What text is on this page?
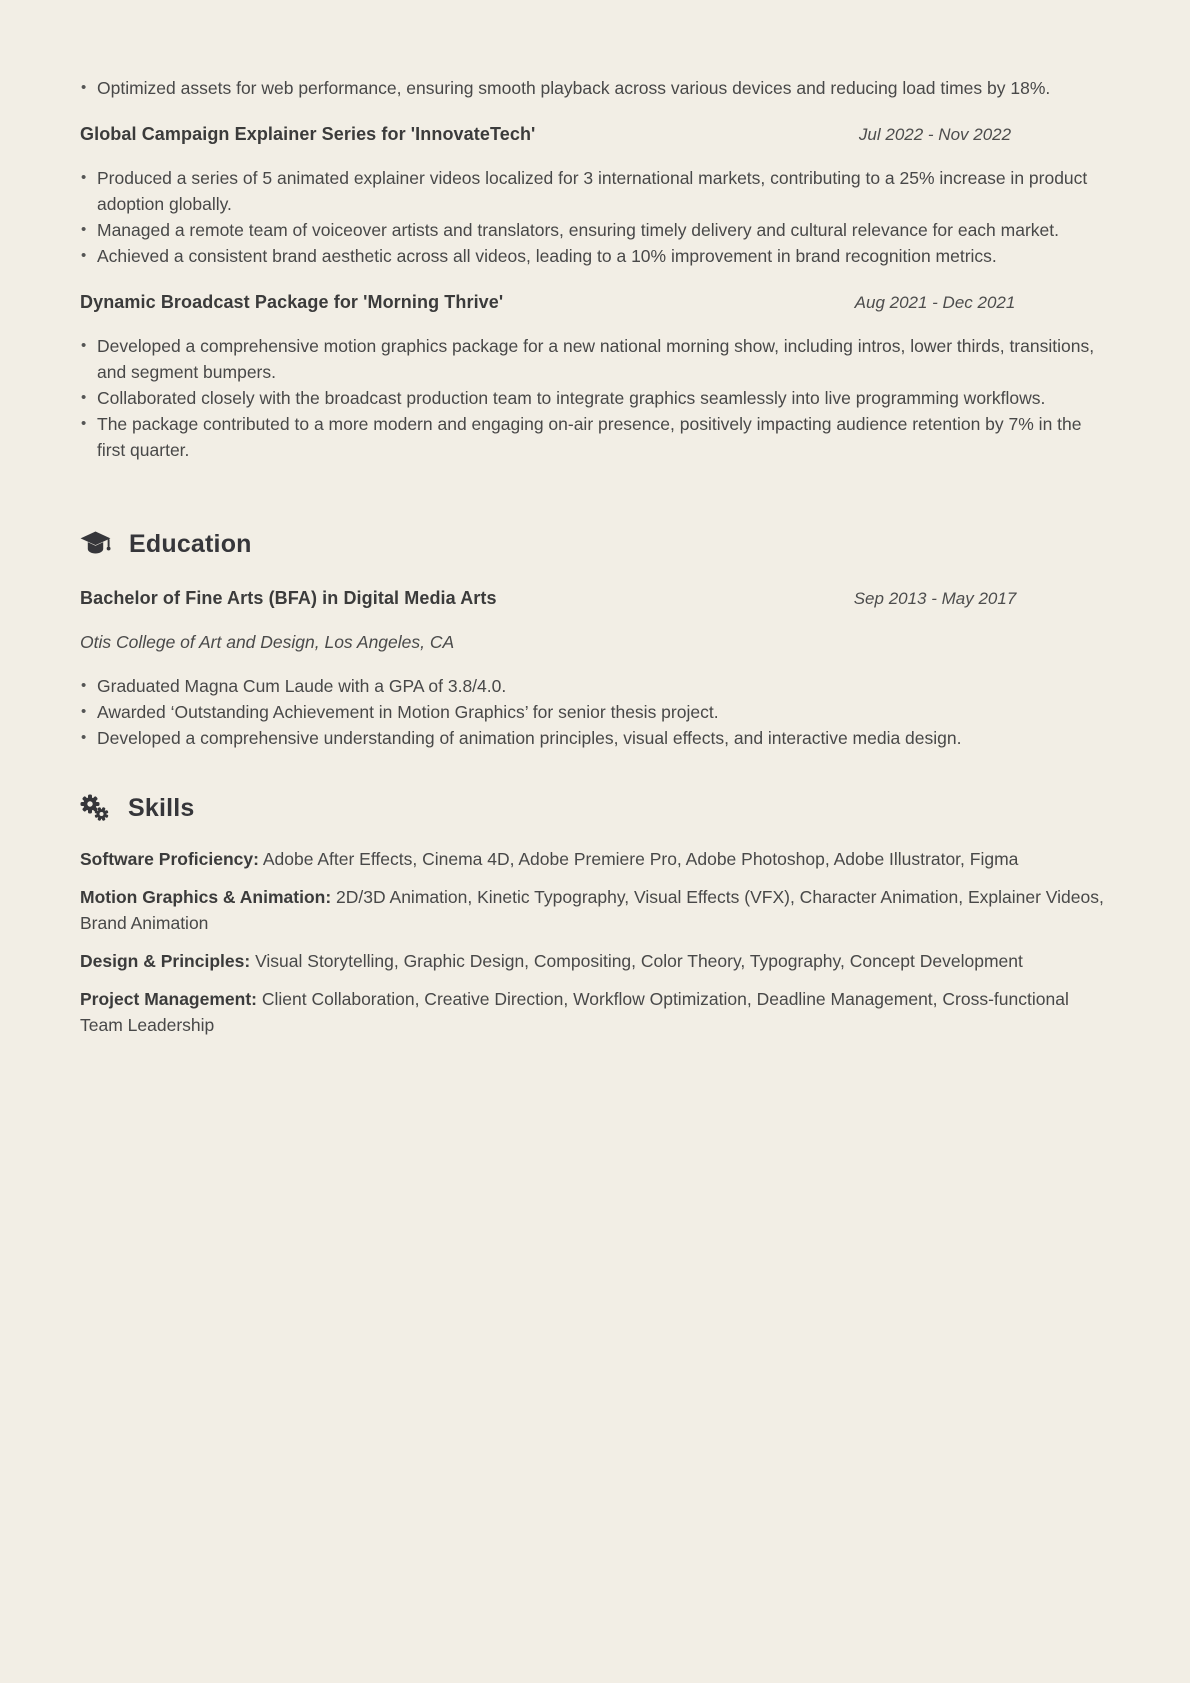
• Optimized assets for web performance, ensuring smooth playback across various devices and reducing load times by 18%.
Global Campaign Explainer Series for 'InnovateTech'	Jul 2022 - Nov 2022
• Produced a series of 5 animated explainer videos localized for 3 international markets, contributing to a 25% increase in product adoption globally.
• Managed a remote team of voiceover artists and translators, ensuring timely delivery and cultural relevance for each market.
• Achieved a consistent brand aesthetic across all videos, leading to a 10% improvement in brand recognition metrics.
Dynamic Broadcast Package for 'Morning Thrive'	Aug 2021 - Dec 2021
• Developed a comprehensive motion graphics package for a new national morning show, including intros, lower thirds, transitions, and segment bumpers.
• Collaborated closely with the broadcast production team to integrate graphics seamlessly into live programming workflows.
• The package contributed to a more modern and engaging on-air presence, positively impacting audience retention by 7% in the first quarter.
Education
Bachelor of Fine Arts (BFA) in Digital Media Arts	Sep 2013 - May 2017

Otis College of Art and Design, Los Angeles, CA

• Graduated Magna Cum Laude with a GPA of 3.8/4.0.
• Awarded ‘Outstanding Achievement in Motion Graphics’ for senior thesis project.
• Developed a comprehensive understanding of animation principles, visual effects, and interactive media design.
Skills

Software Proficiency: Adobe After Effects, Cinema 4D, Adobe Premiere Pro, Adobe Photoshop, Adobe Illustrator, Figma

Motion Graphics & Animation: 2D/3D Animation, Kinetic Typography, Visual Effects (VFX), Character Animation, Explainer Videos, Brand Animation

Design & Principles: Visual Storytelling, Graphic Design, Compositing, Color Theory, Typography, Concept Development

Project Management: Client Collaboration, Creative Direction, Workflow Optimization, Deadline Management, Cross-functional Team Leadership
